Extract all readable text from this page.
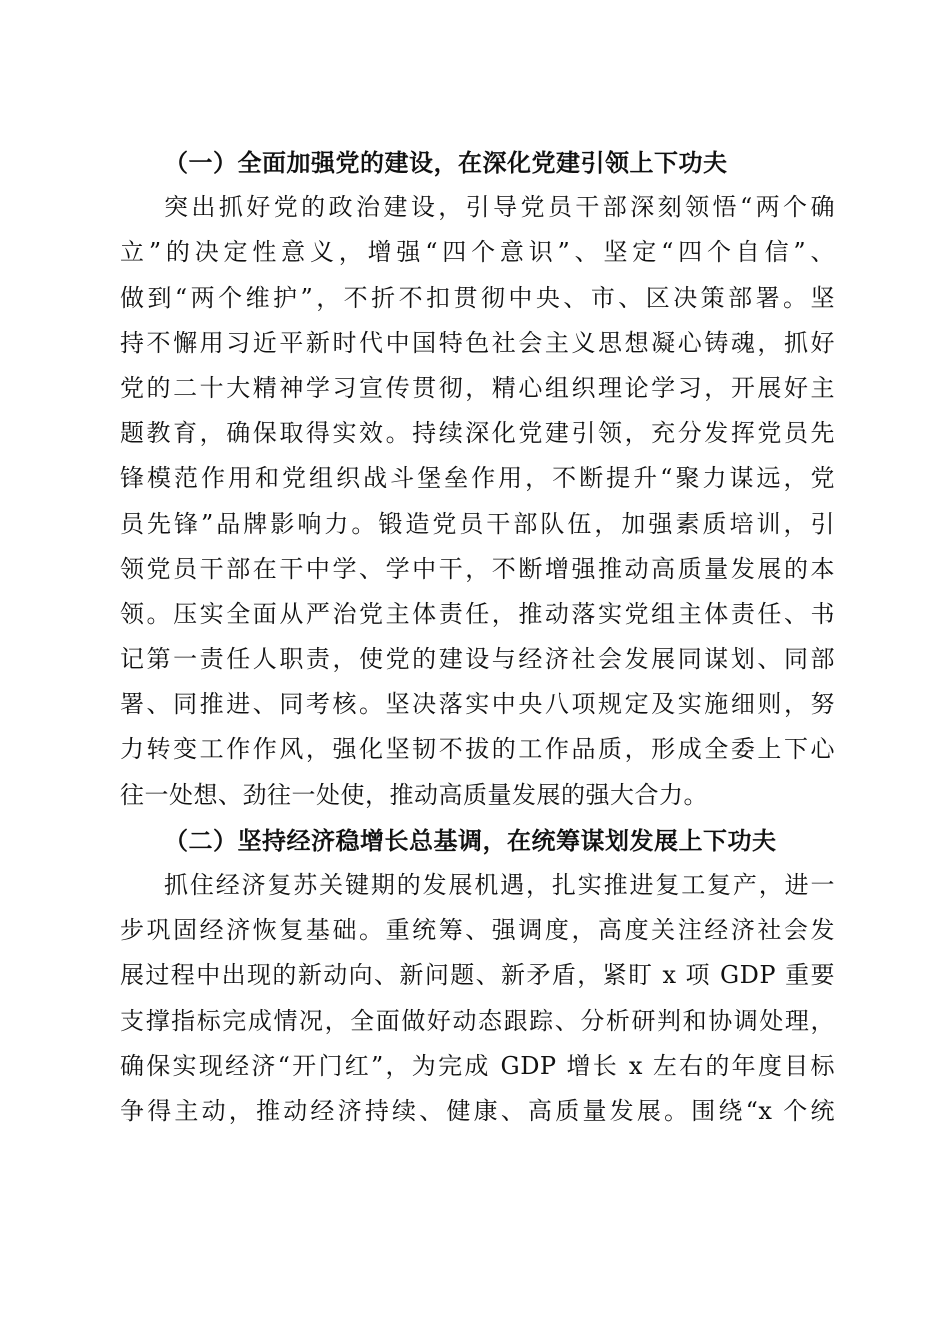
（一）全面加强党的建设，在深化党建引领上下功夫
突出抓好党的政治建设，引导党员干部深刻领悟“两个确
立”的决定性意义，增强“四个意识”、坚定“四个自信”、
做到“两个维护”，不折不扣贯彻中央、市、区决策部署。坚
持不懈用习近平新时代中国特色社会主义思想凝心铸魂，抓好
党的二十大精神学习宣传贯彻，精心组织理论学习，开展好主
题教育，确保取得实效。持续深化党建引领，充分发挥党员先
锋模范作用和党组织战斗堡垒作用，不断提升“聚力谋远，党
员先锋”品牌影响力。锻造党员干部队伍，加强素质培训，引
领党员干部在干中学、学中干，不断增强推动高质量发展的本
领。压实全面从严治党主体责任，推动落实党组主体责任、书
记第一责任人职责，使党的建设与经济社会发展同谋划、同部
署、同推进、同考核。坚决落实中央八项规定及实施细则，努
力转变工作作风，强化坚韧不拔的工作品质，形成全委上下心
往一处想、劲往一处使，推动高质量发展的强大合力。
（二）坚持经济稳增长总基调，在统筹谋划发展上下功夫
抓住经济复苏关键期的发展机遇，扎实推进复工复产，进一
步巩固经济恢复基础。重统筹、强调度，高度关注经济社会发
展过程中出现的新动向、新问题、新矛盾，紧盯 x 项 GDP 重要
支撑指标完成情况，全面做好动态跟踪、分析研判和协调处理，
确保实现经济“开门红”，为完成 GDP 增长 x 左右的年度目标
争得主动，推动经济持续、健康、高质量发展。围绕“x 个统
